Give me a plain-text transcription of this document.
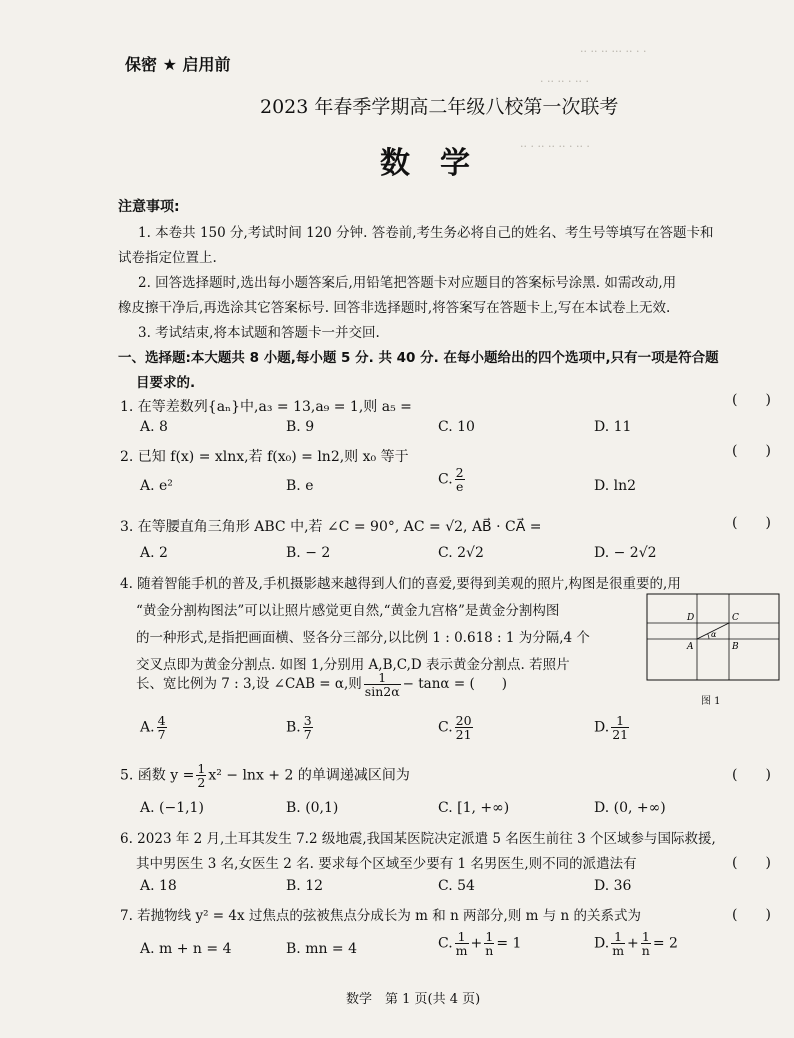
·· ·· ·· ··· ·· · ·
· ·· ·· · ·· ·
·· · ·· ·· ·· · ·· ·
保密 ★ 启用前
2023 年春季学期高二年级八校第一次联考
数　学
注意事项:
1. 本卷共 150 分,考试时间 120 分钟. 答卷前,考生务必将自己的姓名、考生号等填写在答题卡和
试卷指定位置上.
2. 回答选择题时,选出每小题答案后,用铅笔把答题卡对应题目的答案标号涂黑. 如需改动,用
橡皮擦干净后,再选涂其它答案标号. 回答非选择题时,将答案写在答题卡上,写在本试卷上无效.
3. 考试结束,将本试题和答题卡一并交回.
一、选择题:本大题共 8 小题,每小题 5 分. 共 40 分. 在每小题给出的四个选项中,只有一项是符合题
目要求的.
1. 在等差数列{aₙ}中,a₃ = 13,a₉ = 1,则 a₅ =	(　　)
A. 8	B. 9	C. 10	D. 11
2. 已知 f(x) = xlnx,若 f(x₀) = ln2,则 x₀ 等于	(　　)
A. e²	B. e	C. $\frac{2}{e}$	D. ln2
3. 在等腰直角三角形 ABC 中,若 ∠C = 90°, AC = √2, AB⃗ · CA⃗ =	(　　)
A. 2	B. − 2	C. 2√2	D. − 2√2
4. 随着智能手机的普及,手机摄影越来越得到人们的喜爱,要得到美观的照片,构图是很重要的,用
“黄金分割构图法”可以让照片感觉更自然,“黄金九宫格”是黄金分割构图
的一种形式,是指把画面横、竖各分三部分,以比例 1 : 0.618 : 1 为分隔,4 个
交叉点即为黄金分割点. 如图 1,分别用 A,B,C,D 表示黄金分割点. 若照片
长、宽比例为 7 : 3,设 ∠CAB = α,则 $\frac{1}{\sin 2\alpha} - \tan\alpha$ = (　　)
D	C
A	B
α
图 1
A. $\frac{4}{7}$	B. $\frac{3}{7}$	C. $\frac{20}{21}$	D. $\frac{1}{21}$
5. 函数 $y = \frac{1}{2} x^2 - \ln x + 2$ 的单调递减区间为	(　　)
A. (−1,1)	B. (0,1)	C. [1, +∞)	D. (0, +∞)
6. 2023 年 2 月,土耳其发生 7.2 级地震,我国某医院决定派遣 5 名医生前往 3 个区域参与国际救援,
其中男医生 3 名,女医生 2 名. 要求每个区域至少要有 1 名男医生,则不同的派遣法有	(　　)
A. 18	B. 12	C. 54	D. 36
7. 若抛物线 y² = 4x 过焦点的弦被焦点分成长为 m 和 n 两部分,则 m 与 n 的关系式为	(　　)
A. m + n = 4	B. mn = 4	C. $\frac{1}{m} + \frac{1}{n} = 1$	D. $\frac{1}{m} + \frac{1}{n} = 2$
数学　第 1 页(共 4 页)
